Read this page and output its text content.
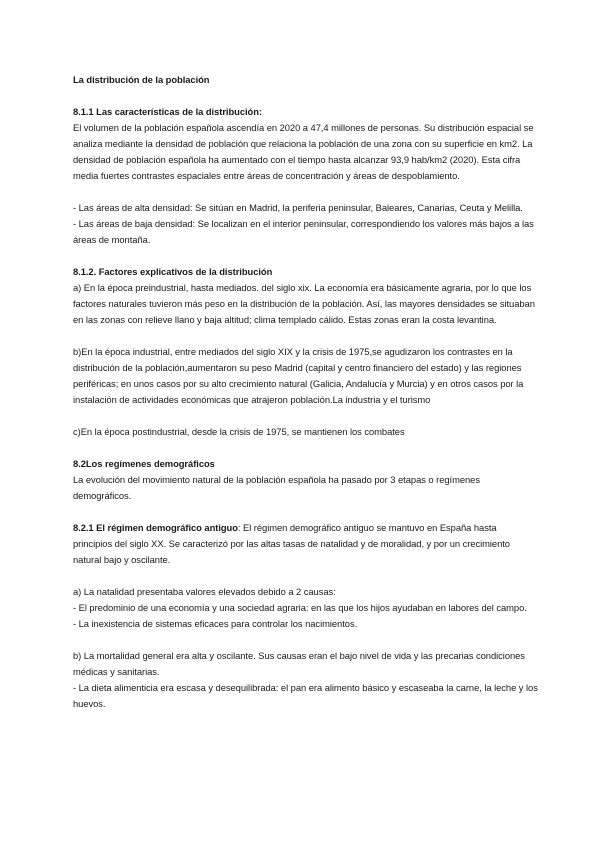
La distribución de la población
8.1.1 Las características de la distribución:
El volumen de la población española ascendía en 2020 a 47,4 millones de personas. Su distribución espacial se analiza mediante la densidad de población que relaciona la población de una zona con su superficie en km2. La densidad de población española ha aumentado con el tiempo hasta alcanzar 93,9 hab/km2 (2020). Esta cifra media fuertes contrastes espaciales entre áreas de concentración y áreas de despoblamiento.
- Las áreas de alta densidad: Se sitúan en Madrid, la periferia peninsular, Baleares, Canarias, Ceuta y Melilla.
- Las áreas de baja densidad: Se localizan en el interior peninsular, correspondiendo los valores más bajos a las áreas de montaña.
8.1.2. Factores explicativos de la distribución
a) En la época preindustrial, hasta mediados. del siglo xix. La economía era básicamente agraria, por lo que los factores naturales tuvieron más peso en la distribución de la población. Así, las mayores densidades se situaban en las zonas con relieve llano y baja altitud; clima templado cálido. Estas zonas eran la costa levantina.
b)En la época industrial, entre mediados del siglo XIX y la crisis de 1975,se agudizaron los contrastes en la distribución de la población,aumentaron su peso Madrid (capital y centro financiero del estado) y las regiones periféricas; en unos casos por su alto crecimiento natural (Galicia, Andalucía y Murcia) y en otros casos por la instalación de actividades económicas que atrajeron población.La industria y el turismo
c)En la época postindustrial, desde la crisis de 1975, se mantienen los combates
8.2Los regímenes demográficos
La evolución del movimiento natural de la población española ha pasado por 3 etapas o regímenes demográficos.
8.2.1 El régimen demográfico antiguo: El régimen demográfico antiguo se mantuvo en España hasta principios del siglo XX. Se caracterizó por las altas tasas de natalidad y de moralidad, y por un crecimiento natural bajo y oscilante.
a) La natalidad presentaba valores elevados debido a 2 causas:
- El predominio de una economía y una sociedad agraria: en las que los hijos ayudaban en labores del campo.
- La inexistencia de sistemas eficaces para controlar los nacimientos.
b) La mortalidad general era alta y oscilante. Sus causas eran el bajo nivel de vida y las precarias condiciones médicas y sanitarias.
- La dieta alimenticia era escasa y desequilibrada: el pan era alimento básico y escaseaba la carne, la leche y los huevos.
